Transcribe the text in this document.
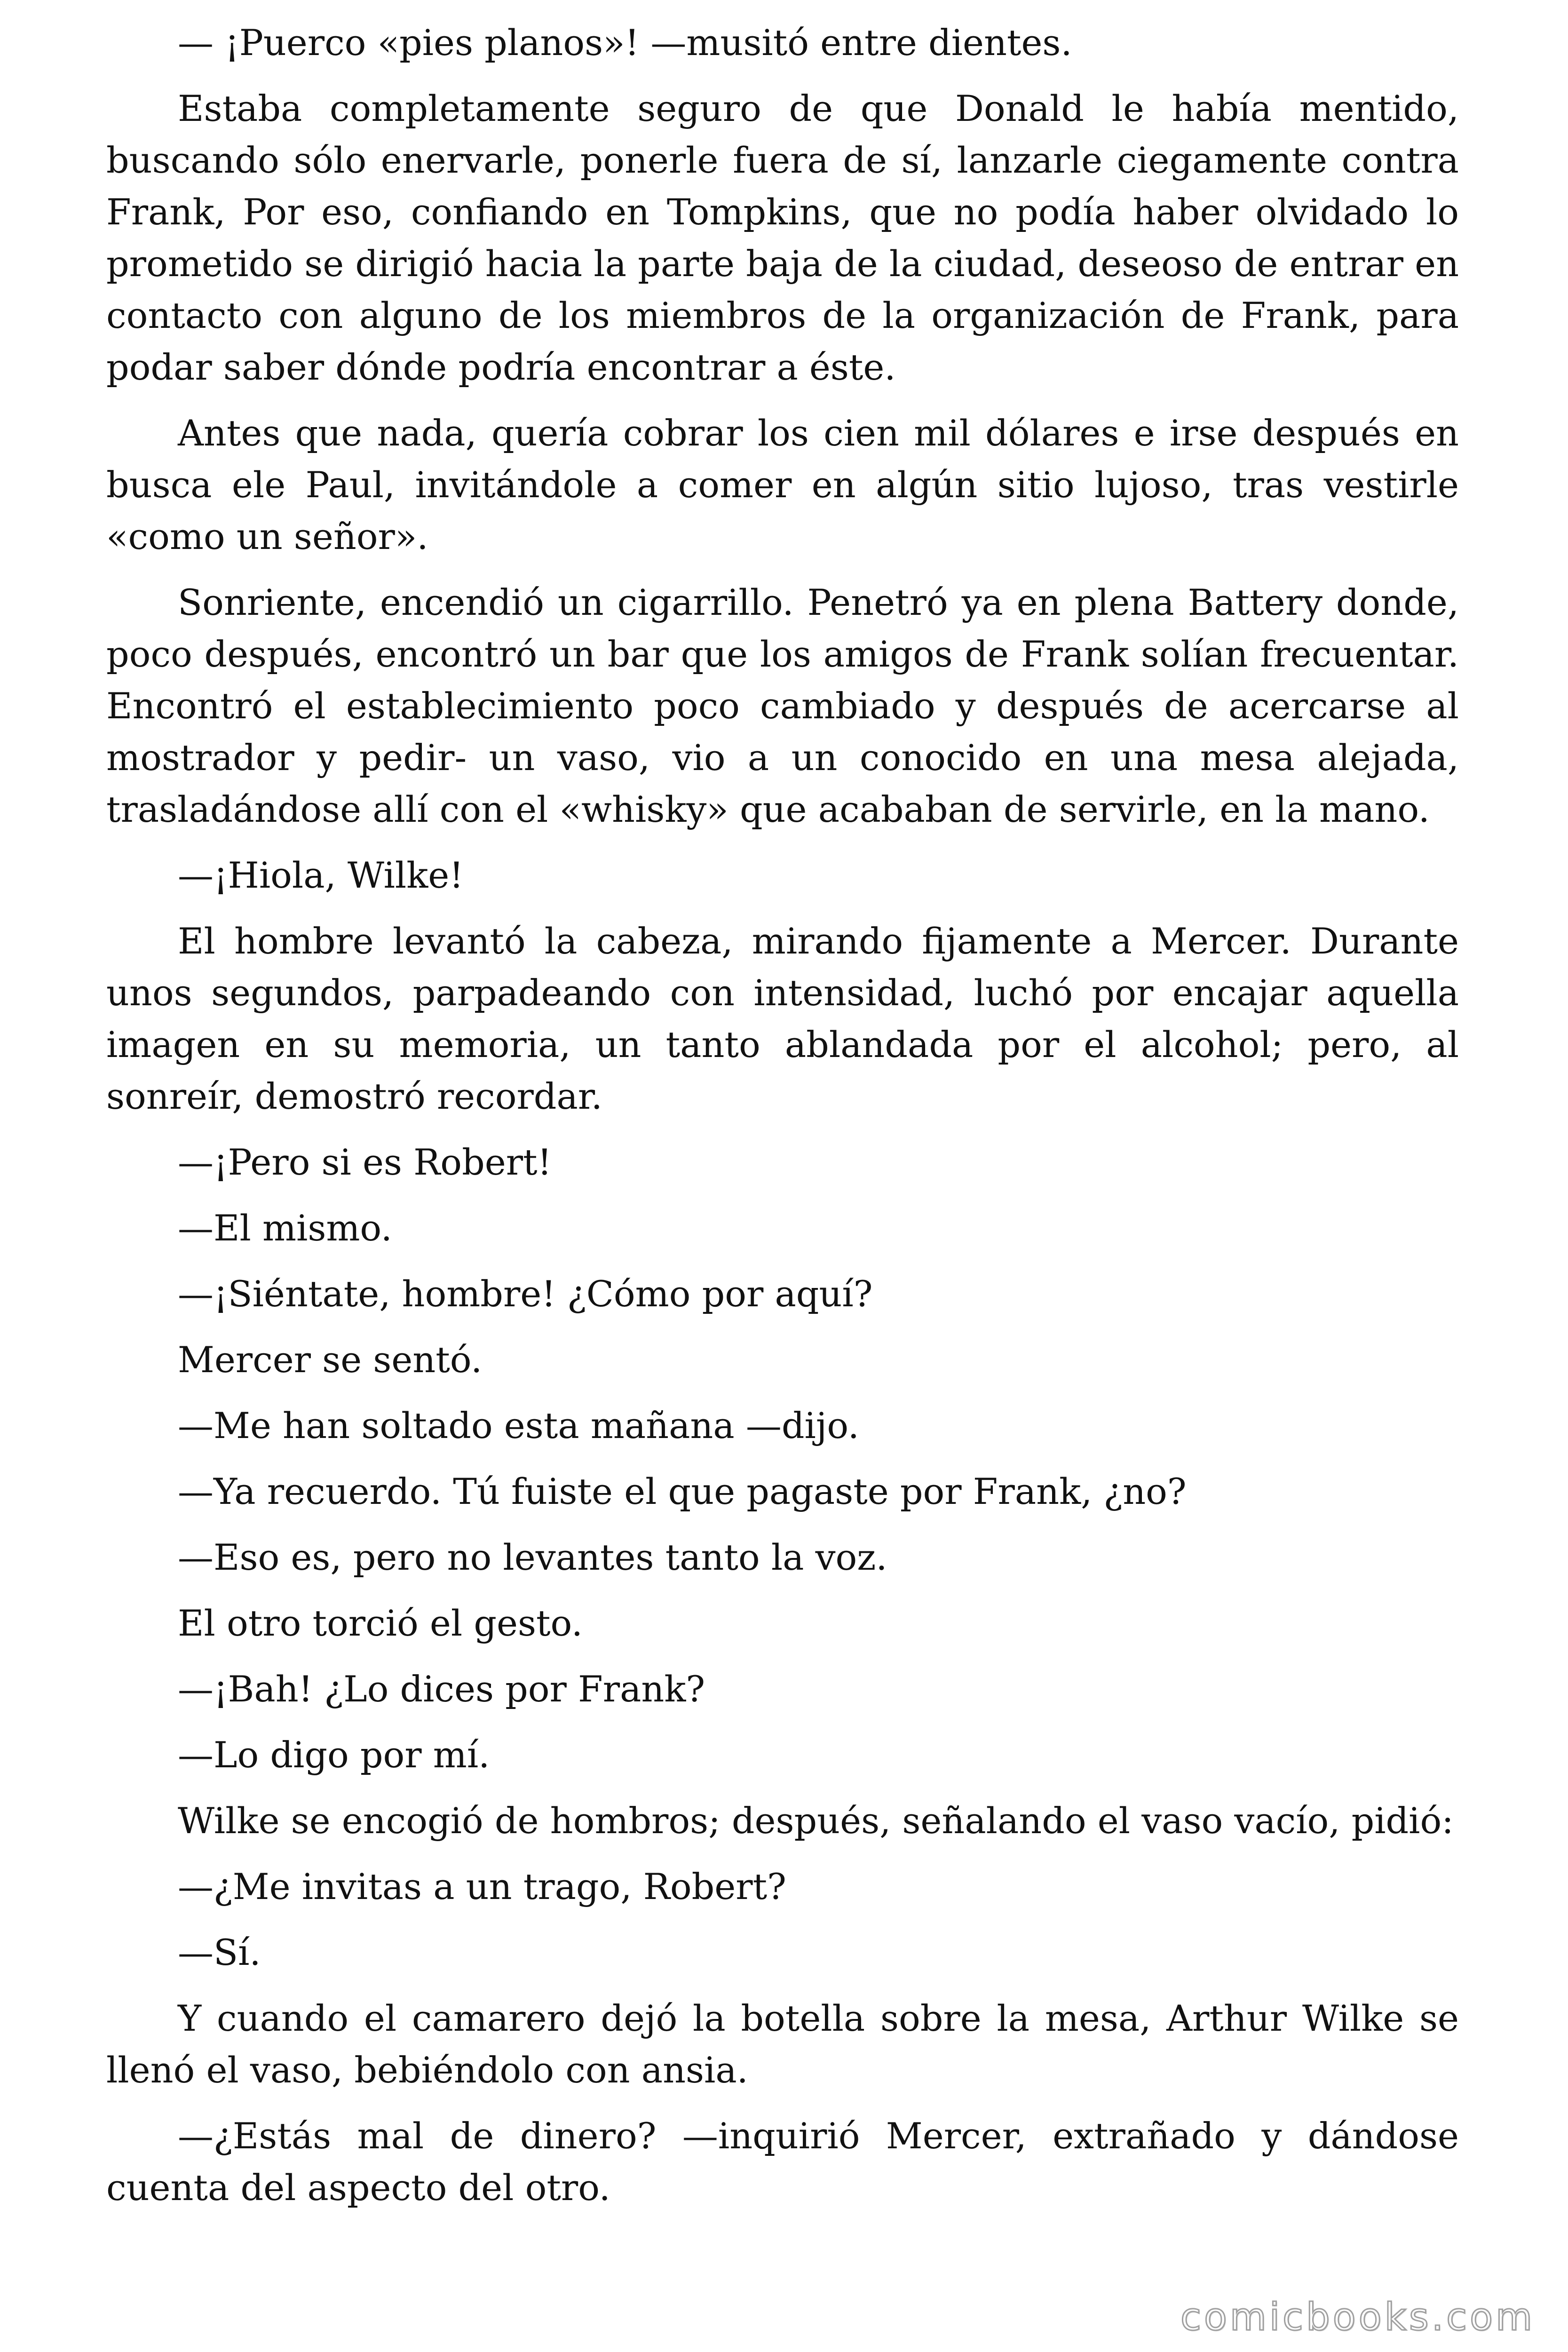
— ¡Puerco «pies planos»! —musitó entre dientes.

Estaba completamente seguro de que Donald le había mentido, buscando sólo enervarle, ponerle fuera de sí, lanzarle ciegamente contra Frank, Por eso, confiando en Tompkins, que no podía haber olvidado lo prometido se dirigió hacia la parte baja de la ciudad, deseoso de entrar en contacto con alguno de los miembros de la organización de Frank, para podar saber dónde podría encontrar a éste.

Antes que nada, quería cobrar los cien mil dólares e irse después en busca ele Paul, invitándole a comer en algún sitio lujoso, tras vestirle «como un señor».

Sonriente, encendió un cigarrillo. Penetró ya en plena Battery donde, poco después, encontró un bar que los amigos de Frank solían frecuentar. Encontró el establecimiento poco cambiado y después de acercarse al mostrador y pedir- un vaso, vio a un conocido en una mesa alejada, trasladándose allí con el «whisky» que acababan de servirle, en la mano.

—¡Hiola, Wilke!

El hombre levantó la cabeza, mirando fijamente a Mercer. Durante unos segundos, parpadeando con intensidad, luchó por encajar aquella imagen en su memoria, un tanto ablandada por el alcohol; pero, al sonreír, demostró recordar.

—¡Pero si es Robert!

—El mismo.

—¡Siéntate, hombre! ¿Cómo por aquí?

Mercer se sentó.

—Me han soltado esta mañana —dijo.

—Ya recuerdo. Tú fuiste el que pagaste por Frank, ¿no?

—Eso es, pero no levantes tanto la voz.

El otro torció el gesto.

—¡Bah! ¿Lo dices por Frank?

—Lo digo por mí.

Wilke se encogió de hombros; después, señalando el vaso vacío, pidió:

—¿Me invitas a un trago, Robert?

—Sí.

Y cuando el camarero dejó la botella sobre la mesa, Arthur Wilke se llenó el vaso, bebiéndolo con ansia.

—¿Estás mal de dinero? —inquirió Mercer, extrañado y dándose cuenta del aspecto del otro.

comicbooks.com
